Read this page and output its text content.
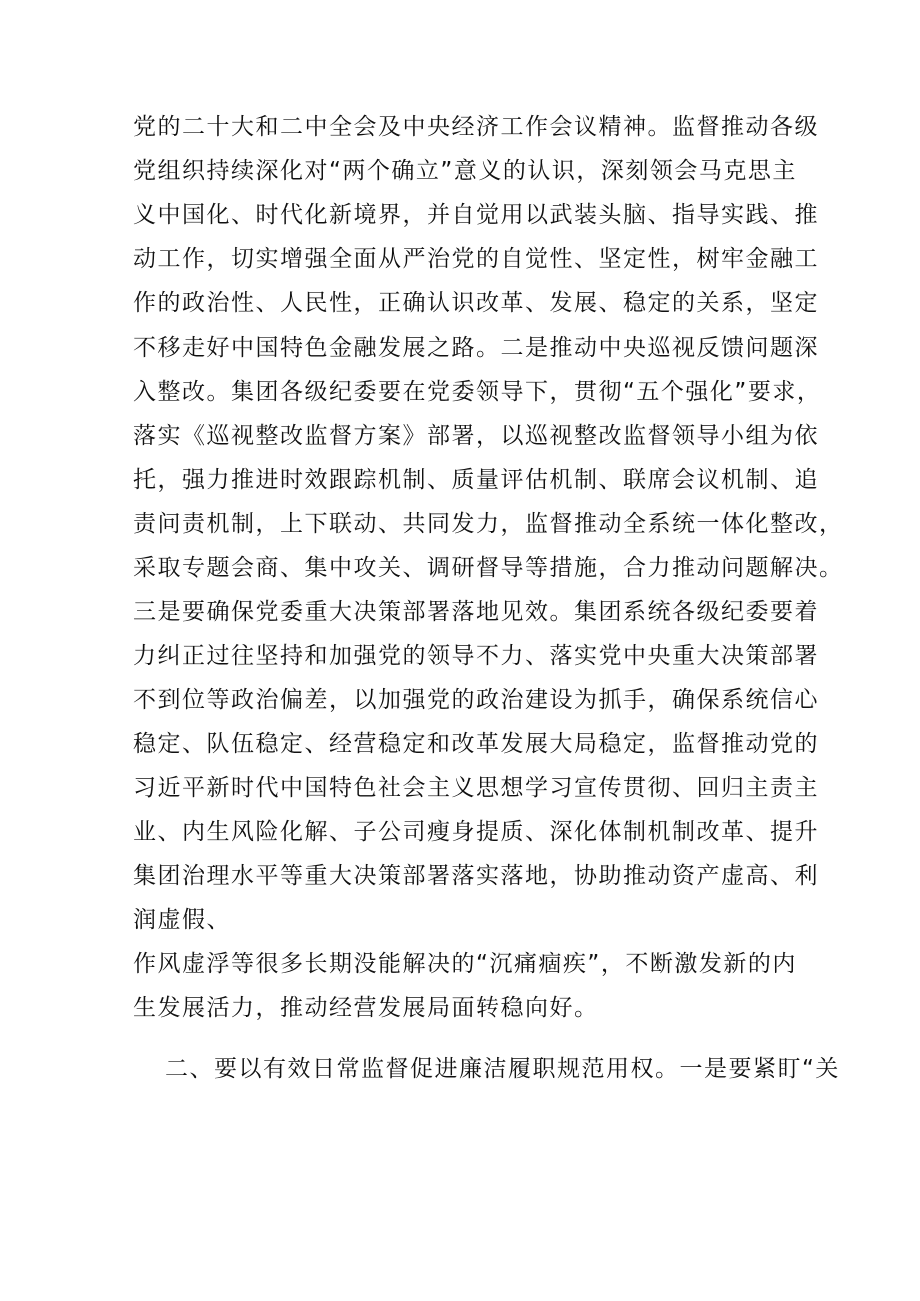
党的二十大和二中全会及中央经济工作会议精神。监督推动各级
党组织持续深化对“两个确立”意义的认识，深刻领会马克思主
义中国化、时代化新境界，并自觉用以武装头脑、指导实践、推
动工作，切实增强全面从严治党的自觉性、坚定性，树牢金融工
作的政治性、人民性，正确认识改革、发展、稳定的关系，坚定
不移走好中国特色金融发展之路。二是推动中央巡视反馈问题深
入整改。集团各级纪委要在党委领导下，贯彻“五个强化”要求，
落实《巡视整改监督方案》部署，以巡视整改监督领导小组为依
托，强力推进时效跟踪机制、质量评估机制、联席会议机制、追
责问责机制，上下联动、共同发力，监督推动全系统一体化整改，
采取专题会商、集中攻关、调研督导等措施，合力推动问题解决。
三是要确保党委重大决策部署落地见效。集团系统各级纪委要着
力纠正过往坚持和加强党的领导不力、落实党中央重大决策部署
不到位等政治偏差，以加强党的政治建设为抓手，确保系统信心
稳定、队伍稳定、经营稳定和改革发展大局稳定，监督推动党的
习近平新时代中国特色社会主义思想学习宣传贯彻、回归主责主
业、内生风险化解、子公司瘦身提质、深化体制机制改革、提升
集团治理水平等重大决策部署落实落地，协助推动资产虚高、利
润虚假、
作风虚浮等很多长期没能解决的“沉痛痼疾”，不断激发新的内
生发展活力，推动经营发展局面转稳向好。
二、要以有效日常监督促进廉洁履职规范用权。一是要紧盯“关
